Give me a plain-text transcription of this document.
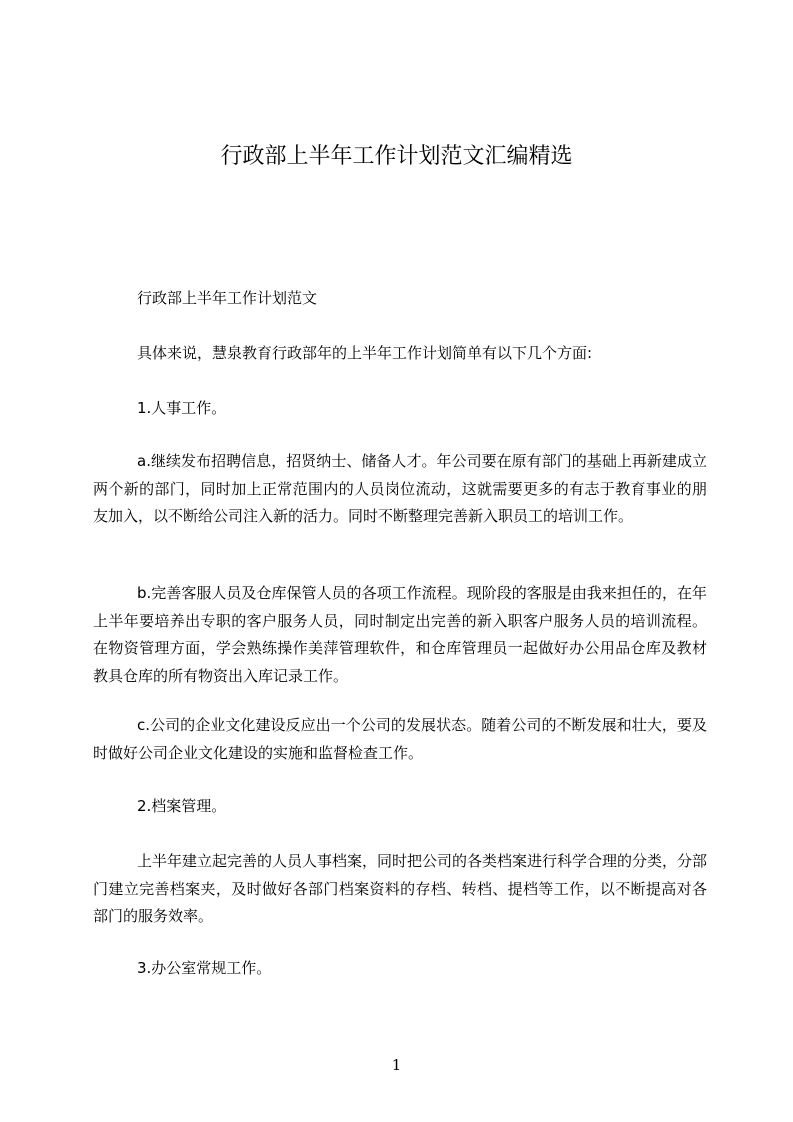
行政部上半年工作计划范文汇编精选

行政部上半年工作计划范文

具体来说，慧泉教育行政部年的上半年工作计划简单有以下几个方面:

1.人事工作。

a.继续发布招聘信息，招贤纳士、储备人才。年公司要在原有部门的基础上再新建成立两个新的部门，同时加上正常范围内的人员岗位流动，这就需要更多的有志于教育事业的朋友加入，以不断给公司注入新的活力。同时不断整理完善新入职员工的培训工作。

b.完善客服人员及仓库保管人员的各项工作流程。现阶段的客服是由我来担任的，在年上半年要培养出专职的客户服务人员，同时制定出完善的新入职客户服务人员的培训流程。在物资管理方面，学会熟练操作美萍管理软件，和仓库管理员一起做好办公用品仓库及教材教具仓库的所有物资出入库记录工作。

c.公司的企业文化建设反应出一个公司的发展状态。随着公司的不断发展和壮大，要及时做好公司企业文化建设的实施和监督检查工作。

2.档案管理。

上半年建立起完善的人员人事档案，同时把公司的各类档案进行科学合理的分类，分部门建立完善档案夹，及时做好各部门档案资料的存档、转档、提档等工作，以不断提高对各部门的服务效率。

3.办公室常规工作。

1
